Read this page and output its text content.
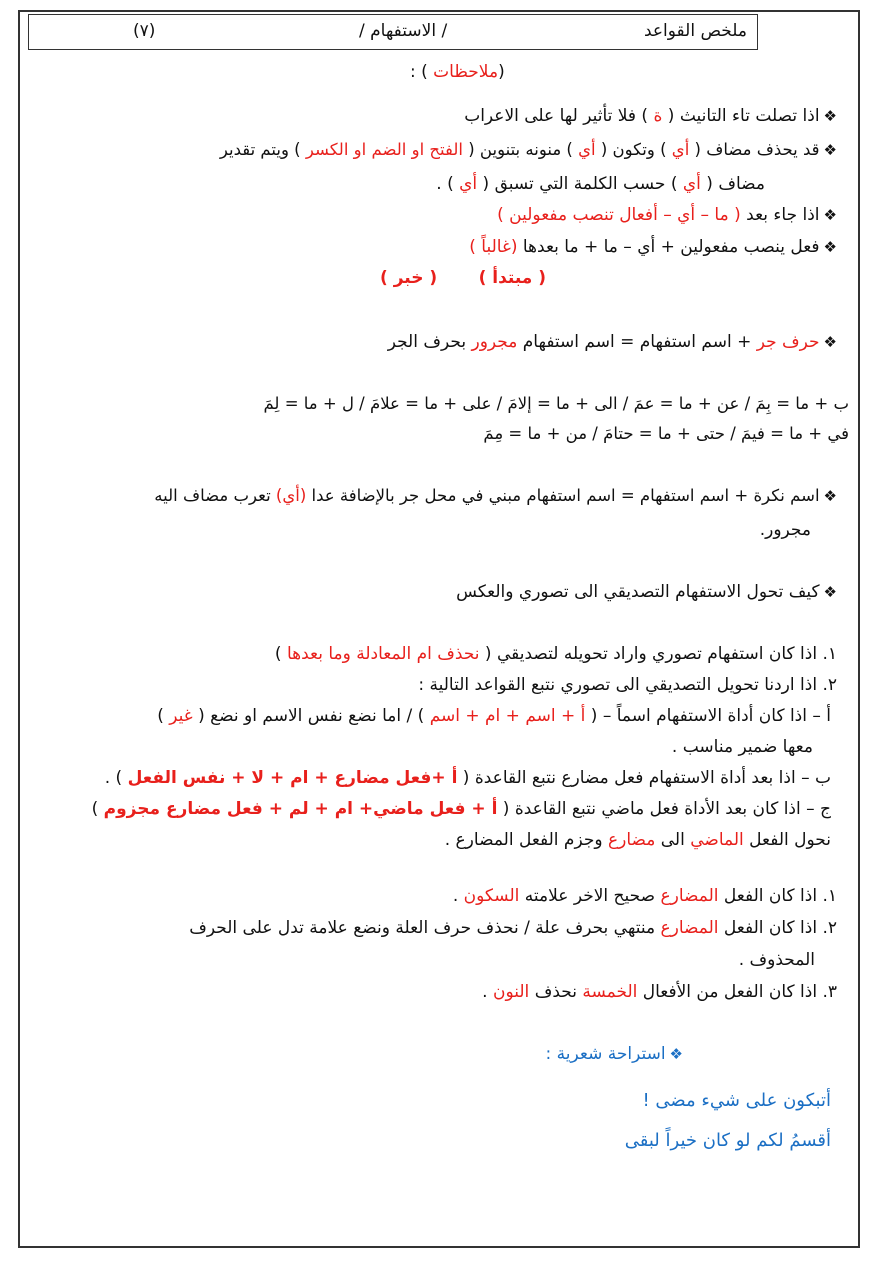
ملخص القواعد
/ الاستفهام /
(٧)
(ملاحظات ) :
❖اذا تصلت تاء التانيث ( ة ) فلا تأثير لها على الاعراب
❖قد يحذف مضاف ( أي ) وتكون ( أي ) منونه بتنوين ( الفتح او الضم او الكسر ) ويتم تقدير
مضاف ( أي ) حسب الكلمة التي تسبق ( أي ) .
❖اذا جاء بعد ( ما – أي – أفعال تنصب مفعولين )
❖فعل ينصب مفعولين + أي – ما + ما بعدها (غالباً )
( مبتدأ )       ( خبر )
❖حرف جر + اسم استفهام = اسم استفهام مجرور بحرف الجر
ب + ما = بِمَ / عن + ما = عمَ / الى + ما = إلامَ / على + ما = علامَ / ل + ما = لِمَ
في + ما = فيمَ / حتى + ما = حتامَ / من + ما = مِمَ
❖اسم نكرة + اسم استفهام = اسم استفهام مبني في محل جر بالإضافة عدا (أي) تعرب مضاف اليه
مجرور.
❖كيف تحول الاستفهام التصديقي الى تصوري والعكس
١. اذا كان استفهام تصوري واراد تحويله لتصديقي ( نحذف ام المعادلة وما بعدها )
٢. اذا اردنا تحويل التصديقي الى تصوري نتبع القواعد التالية :
أ – اذا كان أداة الاستفهام اسماً – ( أ + اسم + ام + اسم ) / اما نضع نفس الاسم او نضع ( غير )
معها ضمير مناسب .
ب – اذا بعد أداة الاستفهام فعل مضارع نتبع القاعدة ( أ +فعل مضارع + ام + لا + نفس الفعل ) .
ج – اذا كان بعد الأداة فعل ماضي نتبع القاعدة ( أ + فعل ماضي+ ام + لم + فعل مضارع مجزوم )
نحول الفعل الماضي الى مضارع وجزم الفعل المضارع .
١. اذا كان الفعل المضارع صحيح الاخر علامته السكون .
٢. اذا كان الفعل المضارع منتهي بحرف علة / نحذف حرف العلة ونضع علامة تدل على الحرف
المحذوف .
٣. اذا كان الفعل من الأفعال الخمسة نحذف النون .
❖استراحة شعرية :
أتبكون على شيء مضى !
أقسمُ لكم لو كان خيراً لبقى
